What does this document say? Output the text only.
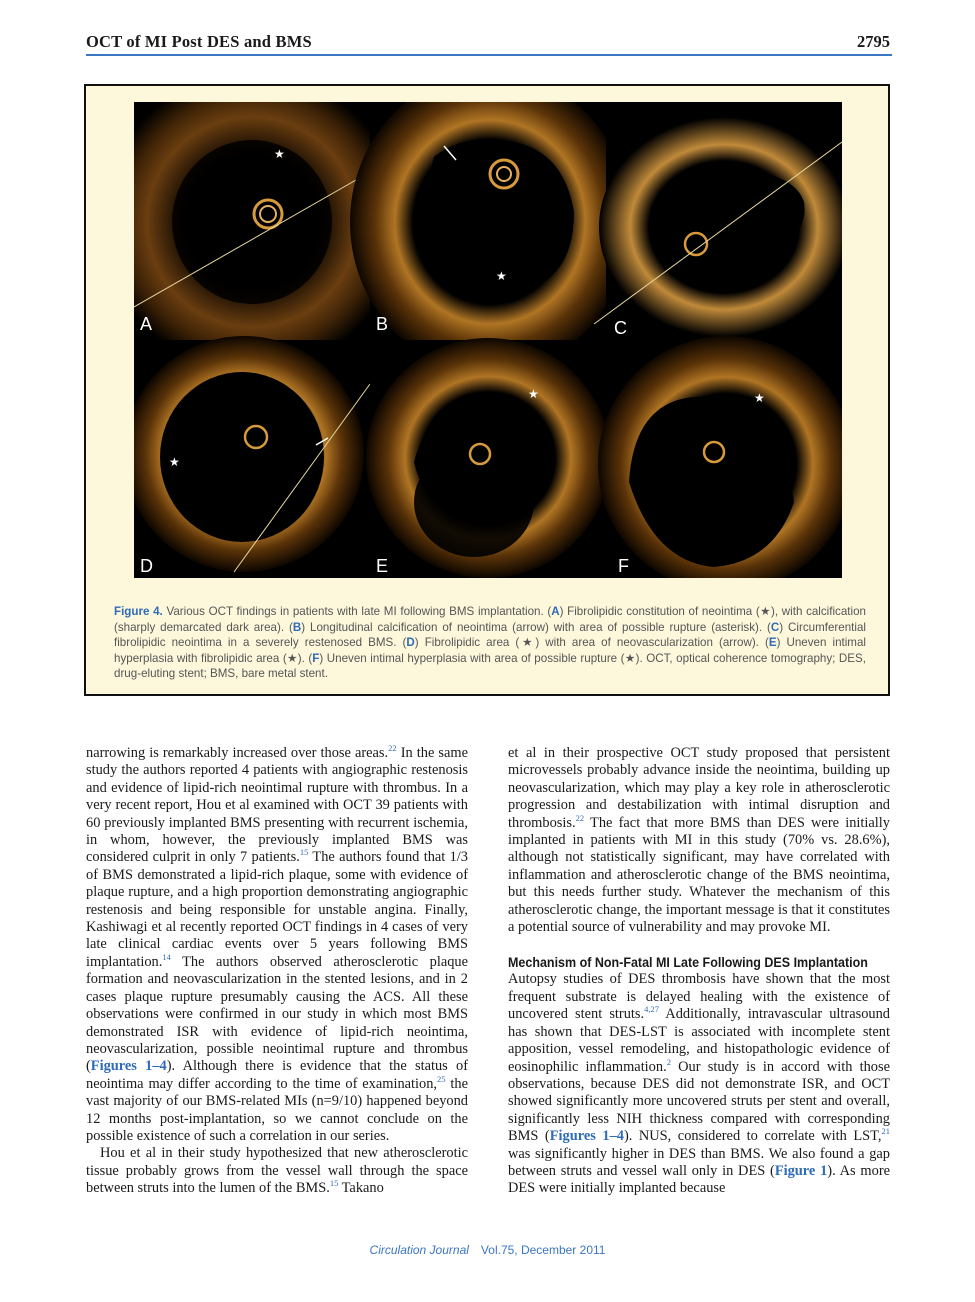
OCT of MI Post DES and BMS	2795
★
A
★
B	C
★
D
★
E
★
F
Figure 4. Various OCT findings in patients with late MI following BMS implantation. (A) Fibrolipidic constitution of neointima (★), with calcification (sharply demarcated dark area). (B) Longitudinal calcification of neointima (arrow) with area of possible rupture (asterisk). (C) Circumferential fibrolipidic neointima in a severely restenosed BMS. (D) Fibrolipidic area (★) with area of neovascularization (arrow). (E) Uneven intimal hyperplasia with fibrolipidic area (★). (F) Uneven intimal hyperplasia with area of possible rupture (★). OCT, optical coherence tomography; DES, drug-eluting stent; BMS, bare metal stent.

narrowing is remarkably increased over those areas.$^{22}$ In the same study the authors reported 4 patients with angiographic restenosis and evidence of lipid-rich neointimal rupture with thrombus. In a very recent report, Hou et al examined with OCT 39 patients with 60 previously implanted BMS presenting with recurrent ischemia, in whom, however, the previously implanted BMS was considered culprit in only 7 patients.$^{15}$ The authors found that 1/3 of BMS demonstrated a lipid-rich plaque, some with evidence of plaque rupture, and a high proportion demonstrating angiographic restenosis and being responsible for unstable angina. Finally, Kashiwagi et al recently reported OCT findings in 4 cases of very late clinical cardiac events over 5 years following BMS implantation.$^{14}$ The authors observed atherosclerotic plaque formation and neovascularization in the stented lesions, and in 2 cases plaque rupture presumably causing the ACS. All these observations were confirmed in our study in which most BMS demonstrated ISR with evidence of lipid-rich neointima, neovascularization, possible neointimal rupture and thrombus (Figures 1–4). Although there is evidence that the status of neointima may differ according to the time of examination,$^{25}$ the vast majority of our BMS-related MIs (n=9/10) happened beyond 12 months post-implantation, so we cannot conclude on the possible existence of such a correlation in our series.

Hou et al in their study hypothesized that new atherosclerotic tissue probably grows from the vessel wall through the space between struts into the lumen of the BMS.$^{15}$ Takano

et al in their prospective OCT study proposed that persistent microvessels probably advance inside the neointima, building up neovascularization, which may play a key role in atherosclerotic progression and destabilization with intimal disruption and thrombosis.$^{22}$ The fact that more BMS than DES were initially implanted in patients with MI in this study (70% vs. 28.6%), although not statistically significant, may have correlated with inflammation and atherosclerotic change of the BMS neointima, but this needs further study. Whatever the mechanism of this atherosclerotic change, the important message is that it constitutes a potential source of vulnerability and may provoke MI.

Mechanism of Non-Fatal MI Late Following DES Implantation

Autopsy studies of DES thrombosis have shown that the most frequent substrate is delayed healing with the existence of uncovered stent struts.$^{4,27}$ Additionally, intravascular ultrasound has shown that DES-LST is associated with incomplete stent apposition, vessel remodeling, and histopathologic evidence of eosinophilic inflammation.$^2$ Our study is in accord with those observations, because DES did not demonstrate ISR, and OCT showed significantly more uncovered struts per stent and overall, significantly less NIH thickness compared with corresponding BMS (Figures 1–4). NUS, considered to correlate with LST,$^{21}$ was significantly higher in DES than BMS. We also found a gap between struts and vessel wall only in DES (Figure 1). As more DES were initially implanted because

Circulation Journal Vol.75, December 2011
